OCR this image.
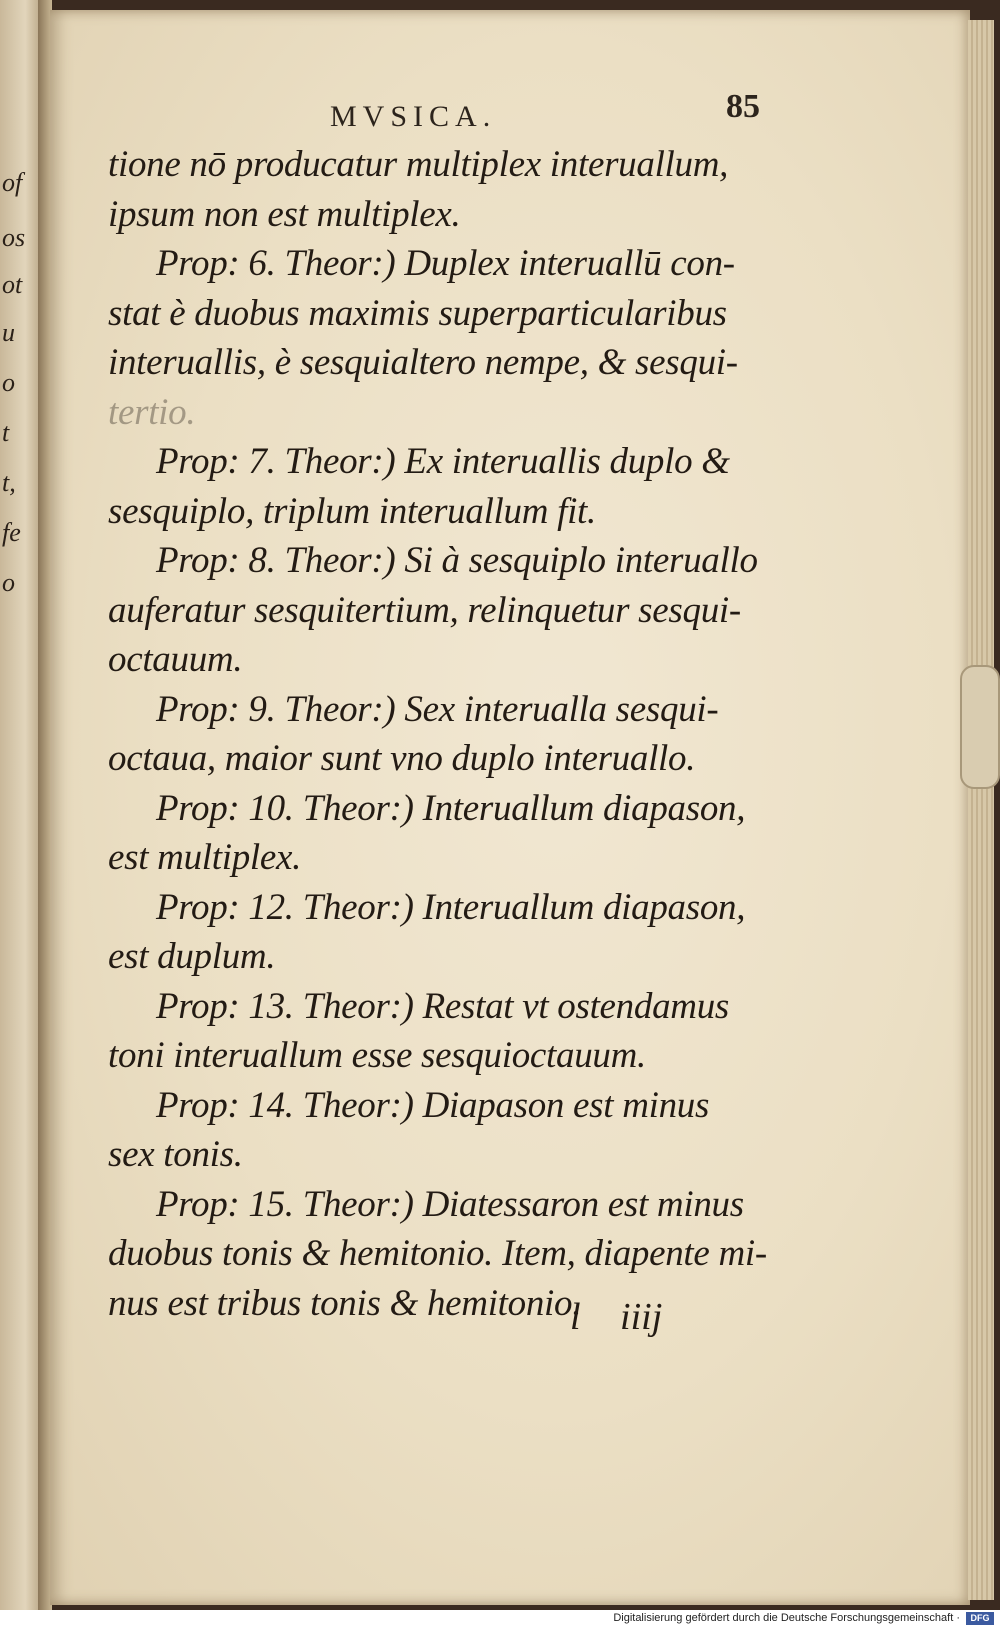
of
os
ot
u
o
t
t,
fe
o
MVSICA.	85
tione nō producatur multiplex interuallum,
ipsum non est multiplex.
Prop: 6. Theor:) Duplex interuallū con-
stat è duobus maximis superparticularibus
interuallis, è sesquialtero nempe, & sesqui-
tertio.
Prop: 7. Theor:) Ex interuallis duplo &
sesquiplo, triplum interuallum fit.
Prop: 8. Theor:) Si à sesquiplo interuallo
auferatur sesquitertium, relinquetur sesqui-
octauum.
Prop: 9. Theor:) Sex interualla sesqui-
octaua, maior sunt vno duplo interuallo.
Prop: 10. Theor:) Interuallum diapason,
est multiplex.
Prop: 12. Theor:) Interuallum diapason,
est duplum.
Prop: 13. Theor:) Restat vt ostendamus
toni interuallum esse sesquioctauum.
Prop: 14. Theor:) Diapason est minus
sex tonis.
Prop: 15. Theor:) Diatessaron est minus
duobus tonis & hemitonio. Item, diapente mi-
nus est tribus tonis & hemitonio.
l iiij
Digitalisierung gefördert durch die Deutsche Forschungsgemeinschaft ·	DFG
